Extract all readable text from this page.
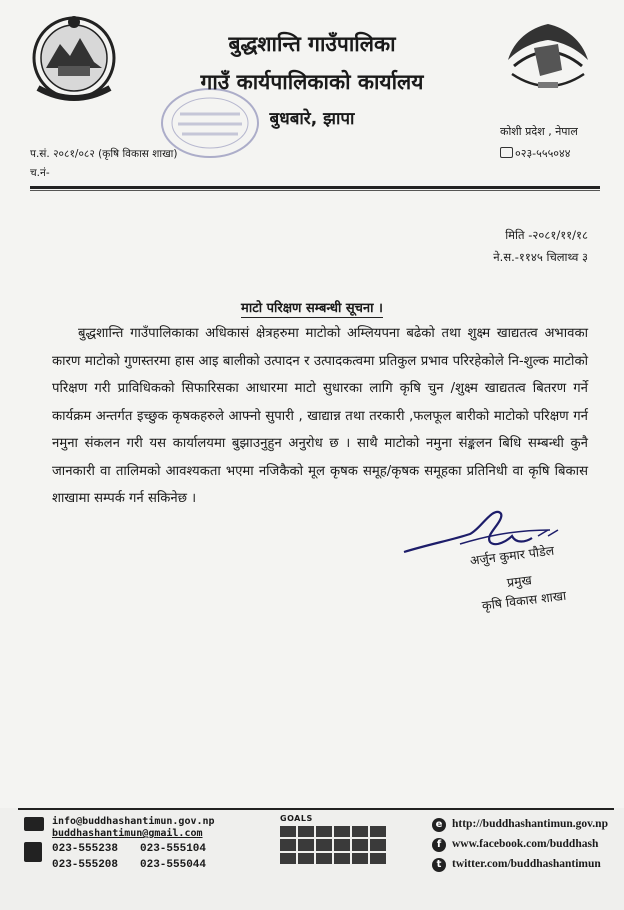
बुद्धशान्ति गाउँपालिका
गाउँ कार्यपालिकाको कार्यालय
बुधबारे, झापा
कोशी प्रदेश , नेपाल
०२३-५५५०४४
प.सं. २०८१/०८२ (कृषि विकास शाखा)
च.नं-
मिति -२०८१/११/१८
ने.स.-११४५ चिलाथ्व ३
माटो परिक्षण सम्बन्धी सूचना ।
बुद्धशान्ति गाउँपालिकाका अधिकासं क्षेत्रहरुमा माटोको अम्लियपना बढेको तथा शुक्ष्म खाद्यतत्व अभावका कारण माटोको गुणस्तरमा हास आइ बालीको उत्पादन र उत्पादकत्वमा प्रतिकुल प्रभाव परिरहेकोले नि-शुल्क माटोको परिक्षण गरी प्राविधिकको सिफारिसका आधारमा माटो सुधारका लागि कृषि चुन /शुक्ष्म खाद्यतत्व बितरण गर्ने कार्यक्रम अन्तर्गत इच्छुक कृषकहरुले आफ्नो सुपारी , खाद्यान्न तथा तरकारी ,फलफूल बारीको माटोको परिक्षण गर्न नमुना संकलन गरी यस कार्यालयमा बुझाउनुहुन अनुरोध छ । साथै माटोको नमुना संङ्कलन बिधि सम्बन्धी कुनै जानकारी वा तालिमको आवश्यकता भएमा नजिकैको मूल कृषक समूह/कृषक समूहका प्रतिनिधी वा कृषि बिकास शाखामा सम्पर्क गर्न सकिनेछ ।
अर्जुन कुमार पौडेल
प्रमुख
कृषि विकास शाखा
info@buddhashantimun.gov.np
buddhashantimun@gmail.com
023-555238 023-555104
023-555208 023-555044
GOALS
e
f
t
http://buddhashantimun.gov.np
www.facebook.com/buddhash
twitter.com/buddhashantimun
